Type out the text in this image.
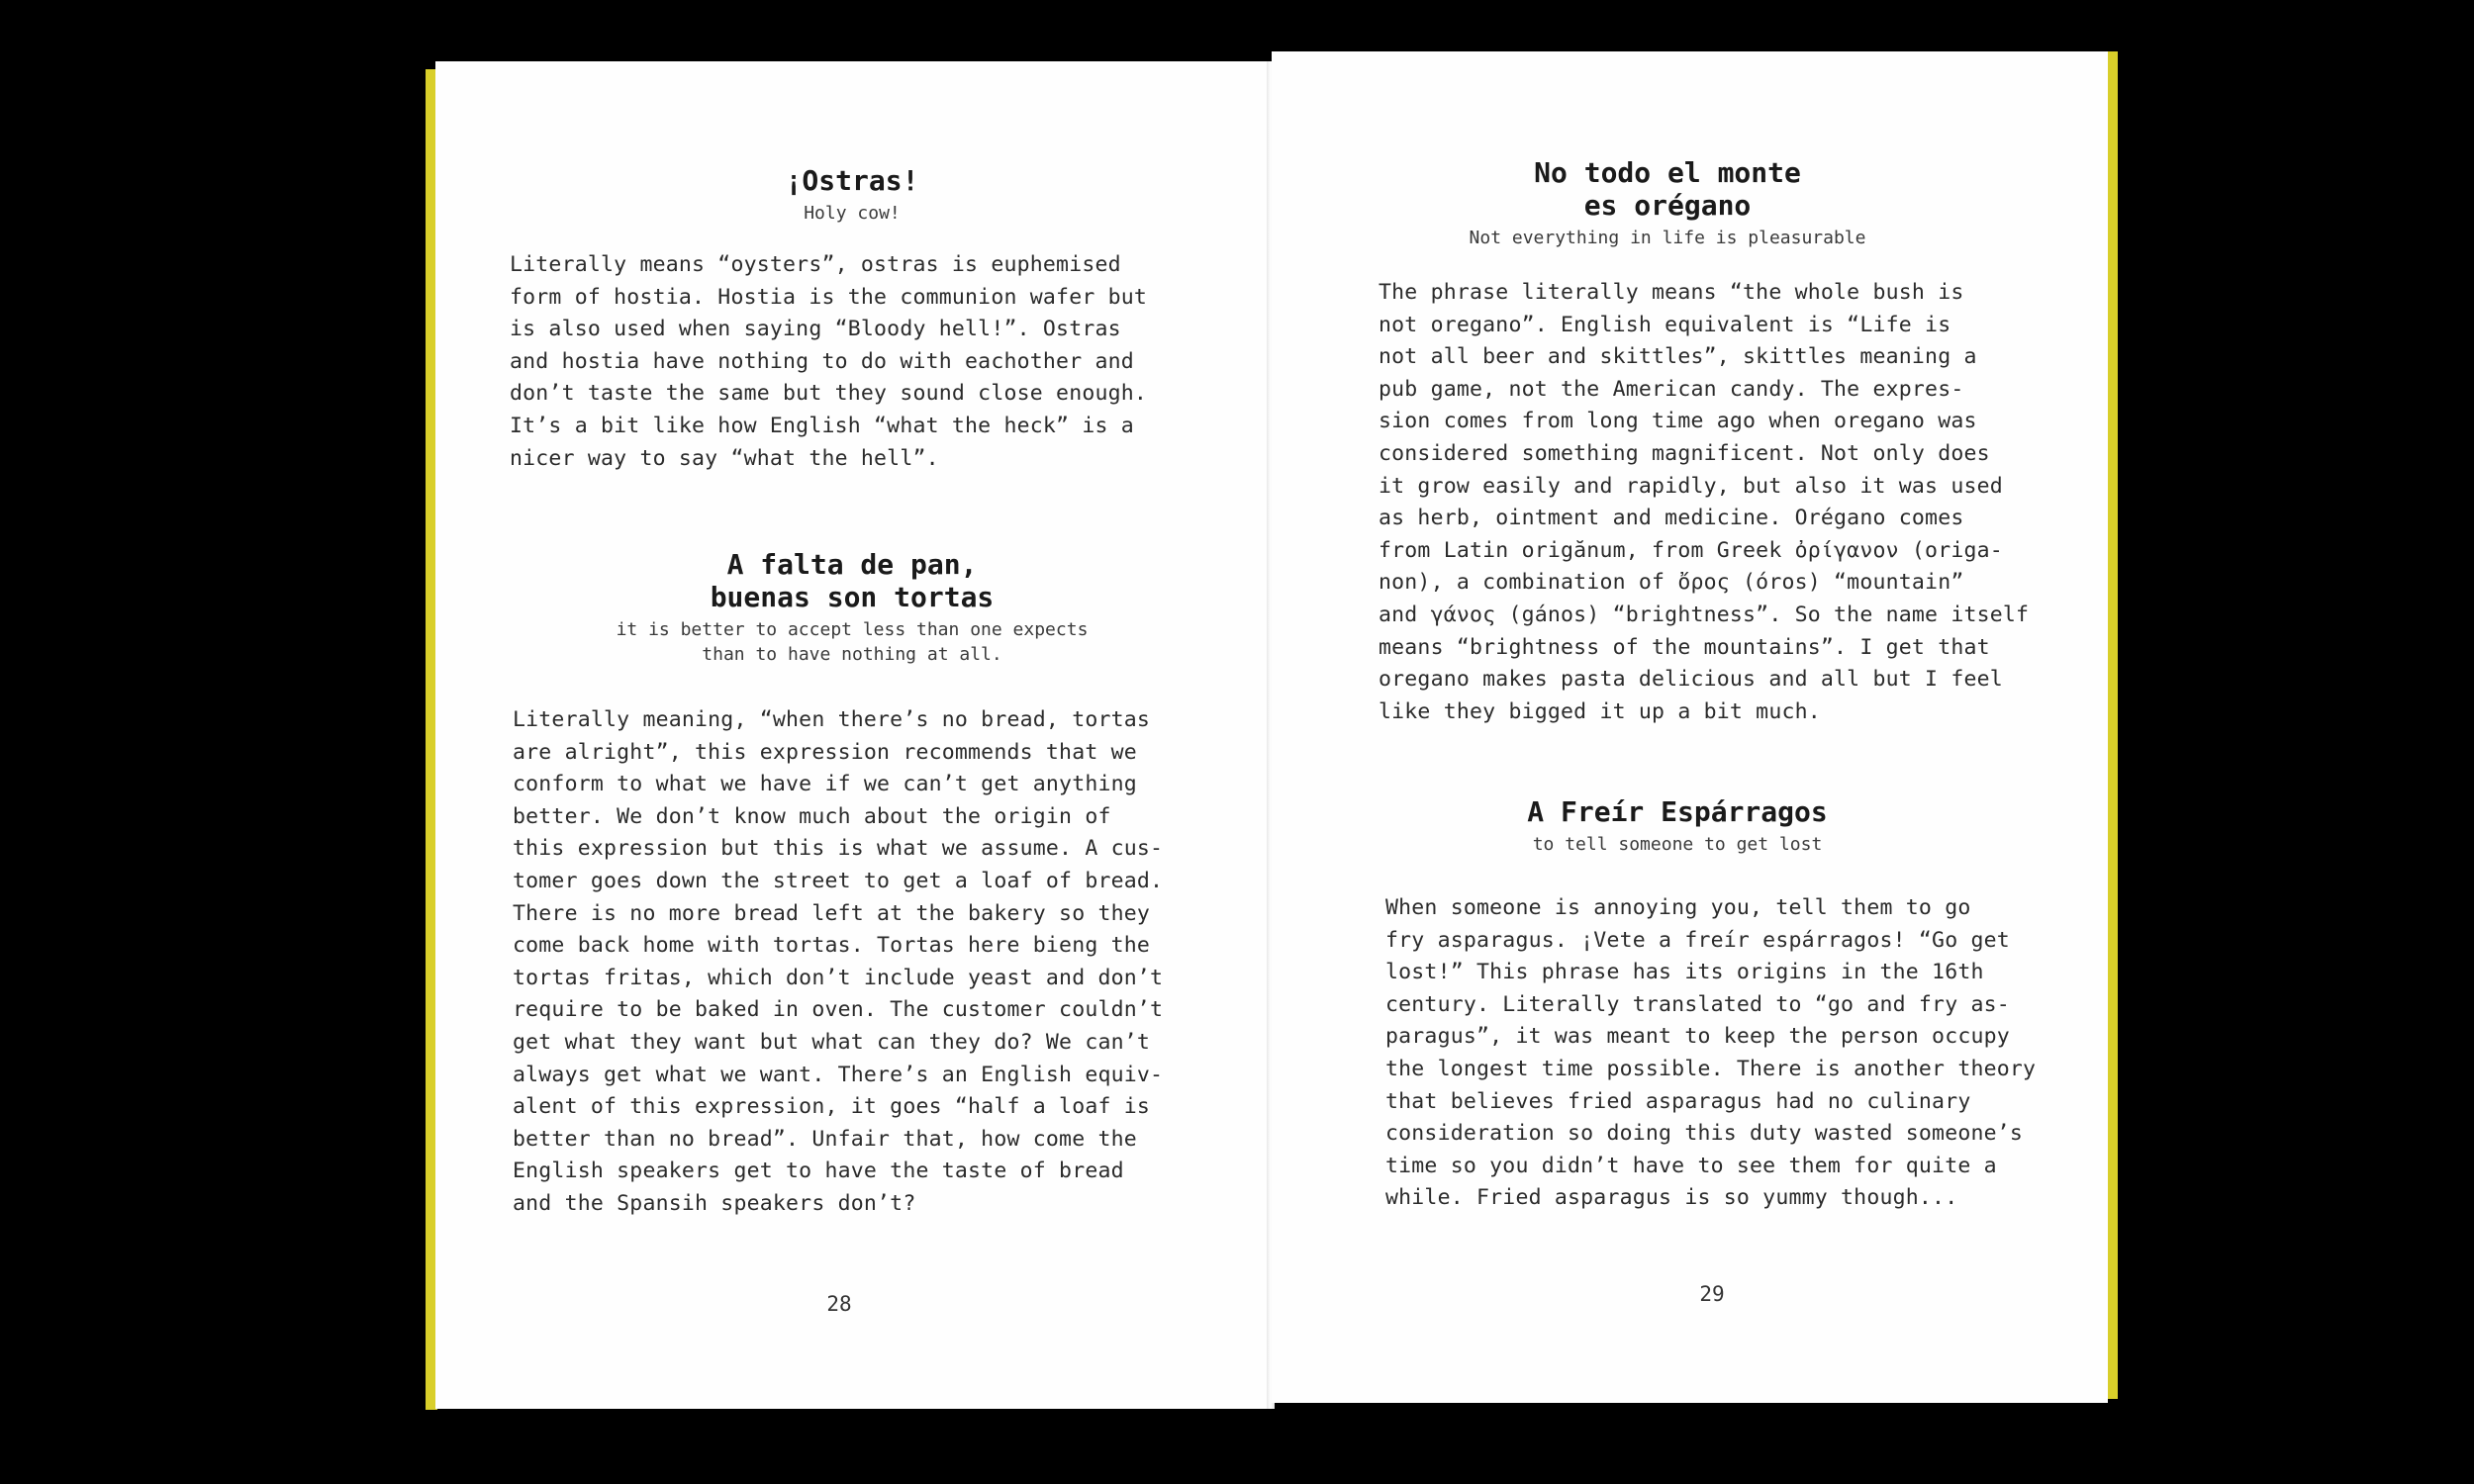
¡Ostras!

Holy cow!

Literally means “oysters”, ostras is euphemised
form of hostia. Hostia is the communion wafer but
is also used when saying “Bloody hell!”. Ostras
and hostia have nothing to do with eachother and
don’t taste the same but they sound close enough.
It’s a bit like how English “what the heck” is a
nicer way to say “what the hell”.

A falta de pan,
buenas son tortas

it is better to accept less than one expects
than to have nothing at all.

Literally meaning, “when there’s no bread, tortas
are alright”, this expression recommends that we
conform to what we have if we can’t get anything
better. We don’t know much about the origin of
this expression but this is what we assume. A cus-
tomer goes down the street to get a loaf of bread.
There is no more bread left at the bakery so they
come back home with tortas. Tortas here bieng the
tortas fritas, which don’t include yeast and don’t
require to be baked in oven. The customer couldn’t
get what they want but what can they do? We can’t
always get what we want. There’s an English equiv-
alent of this expression, it goes “half a loaf is
better than no bread”. Unfair that, how come the
English speakers get to have the taste of bread
and the Spansih speakers don’t?

28
No todo el monte
es orégano

Not everything in life is pleasurable

The phrase literally means “the whole bush is
not oregano”. English equivalent is “Life is
not all beer and skittles”, skittles meaning a
pub game, not the American candy. The expres-
sion comes from long time ago when oregano was
considered something magnificent. Not only does
it grow easily and rapidly, but also it was used
as herb, ointment and medicine. Orégano comes
from Latin origănum, from Greek ὀρίγανον (origa-
non), a combination of ὄρος (óros) “mountain”
and γάνος (gános) “brightness”. So the name itself
means “brightness of the mountains”. I get that
oregano makes pasta delicious and all but I feel
like they bigged it up a bit much.

A Freír Espárragos

to tell someone to get lost

When someone is annoying you, tell them to go
fry asparagus. ¡Vete a freír espárragos! “Go get
lost!” This phrase has its origins in the 16th
century. Literally translated to “go and fry as-
paragus”, it was meant to keep the person occupy
the longest time possible. There is another theory
that believes fried asparagus had no culinary
consideration so doing this duty wasted someone’s
time so you didn’t have to see them for quite a
while. Fried asparagus is so yummy though...

29
